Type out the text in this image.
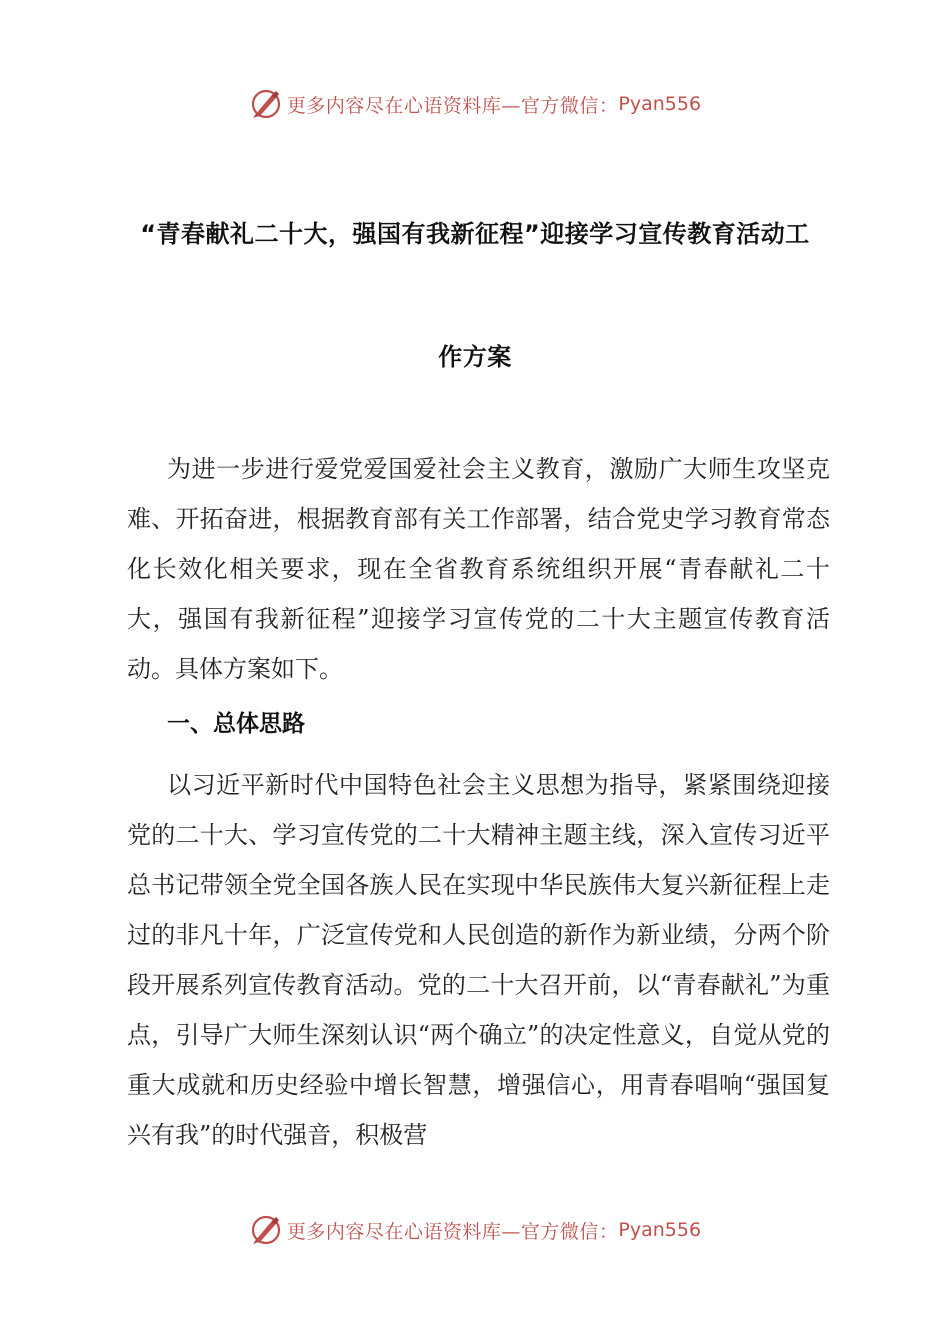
更多内容尽在心语资料库—官方微信： Pyan556
“青春献礼二十大，强国有我新征程”迎接学习宣传教育活动工
作方案

为进一步进行爱党爱国爱社会主义教育，激励广大师生攻坚克难、开拓奋进，根据教育部有关工作部署，结合党史学习教育常态化长效化相关要求，现在全省教育系统组织开展“青春献礼二十大，强国有我新征程”迎接学习宣传党的二十大主题宣传教育活动。具体方案如下。

一、总体思路

以习近平新时代中国特色社会主义思想为指导，紧紧围绕迎接党的二十大、学习宣传党的二十大精神主题主线，深入宣传习近平总书记带领全党全国各族人民在实现中华民族伟大复兴新征程上走过的非凡十年，广泛宣传党和人民创造的新作为新业绩，分两个阶段开展系列宣传教育活动。党的二十大召开前，以“青春献礼”为重点，引导广大师生深刻认识“两个确立”的决定性意义，自觉从党的重大成就和历史经验中增长智慧，增强信心，用青春唱响“强国复兴有我”的时代强音，积极营

更多内容尽在心语资料库—官方微信： Pyan556
